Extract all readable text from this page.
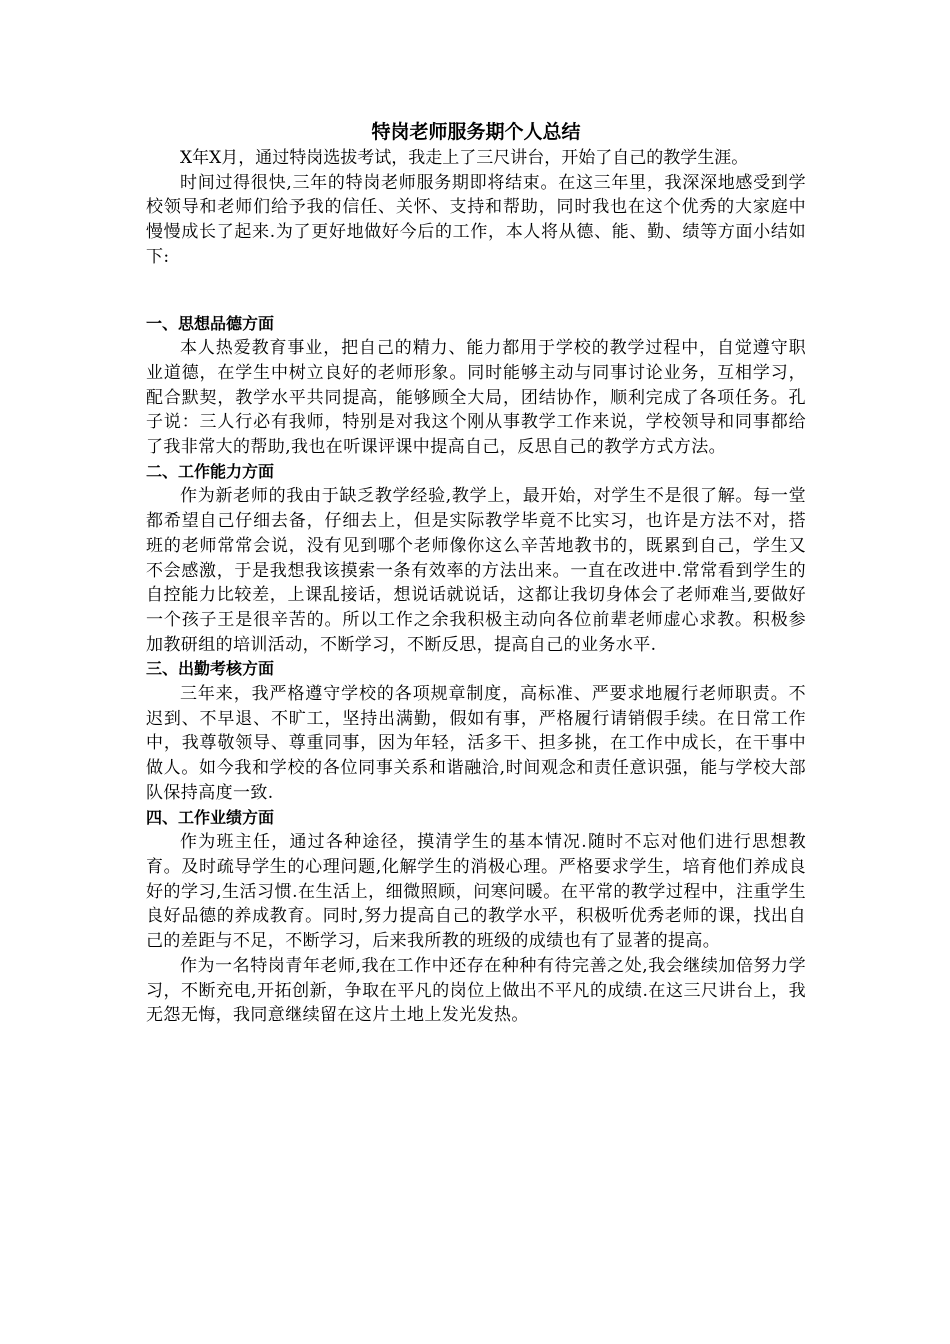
特岗老师服务期个人总结

X年X月，通过特岗选拔考试，我走上了三尺讲台，开始了自己的教学生涯。

时间过得很快,三年的特岗老师服务期即将结束。在这三年里，我深深地感受到学校领导和老师们给予我的信任、关怀、支持和帮助，同时我也在这个优秀的大家庭中慢慢成长了起来.为了更好地做好今后的工作，本人将从德、能、勤、绩等方面小结如下:

一、思想品德方面

本人热爱教育事业，把自己的精力、能力都用于学校的教学过程中，自觉遵守职业道德，在学生中树立良好的老师形象。同时能够主动与同事讨论业务，互相学习，配合默契，教学水平共同提高，能够顾全大局，团结协作，顺利完成了各项任务。孔子说：三人行必有我师，特别是对我这个刚从事教学工作来说，学校领导和同事都给了我非常大的帮助,我也在听课评课中提高自己，反思自己的教学方式方法。

二、工作能力方面

作为新老师的我由于缺乏教学经验,教学上，最开始，对学生不是很了解。每一堂都希望自己仔细去备，仔细去上，但是实际教学毕竟不比实习，也许是方法不对，搭班的老师常常会说，没有见到哪个老师像你这么辛苦地教书的，既累到自己，学生又不会感激，于是我想我该摸索一条有效率的方法出来。一直在改进中.常常看到学生的自控能力比较差，上课乱接话，想说话就说话，这都让我切身体会了老师难当,要做好一个孩子王是很辛苦的。所以工作之余我积极主动向各位前辈老师虚心求教。积极参加教研组的培训活动，不断学习，不断反思，提高自己的业务水平.

三、出勤考核方面

三年来，我严格遵守学校的各项规章制度，高标准、严要求地履行老师职责。不迟到、不早退、不旷工，坚持出满勤，假如有事，严格履行请销假手续。在日常工作中，我尊敬领导、尊重同事，因为年轻，活多干、担多挑，在工作中成长，在干事中做人。如今我和学校的各位同事关系和谐融洽,时间观念和责任意识强，能与学校大部队保持高度一致.

四、工作业绩方面

作为班主任，通过各种途径，摸清学生的基本情况.随时不忘对他们进行思想教育。及时疏导学生的心理问题,化解学生的消极心理。严格要求学生，培育他们养成良好的学习,生活习惯.在生活上，细微照顾，问寒问暖。在平常的教学过程中，注重学生良好品德的养成教育。同时,努力提高自己的教学水平，积极听优秀老师的课，找出自己的差距与不足，不断学习，后来我所教的班级的成绩也有了显著的提高。

作为一名特岗青年老师,我在工作中还存在种种有待完善之处,我会继续加倍努力学习，不断充电,开拓创新，争取在平凡的岗位上做出不平凡的成绩.在这三尺讲台上，我无怨无悔，我同意继续留在这片土地上发光发热。
